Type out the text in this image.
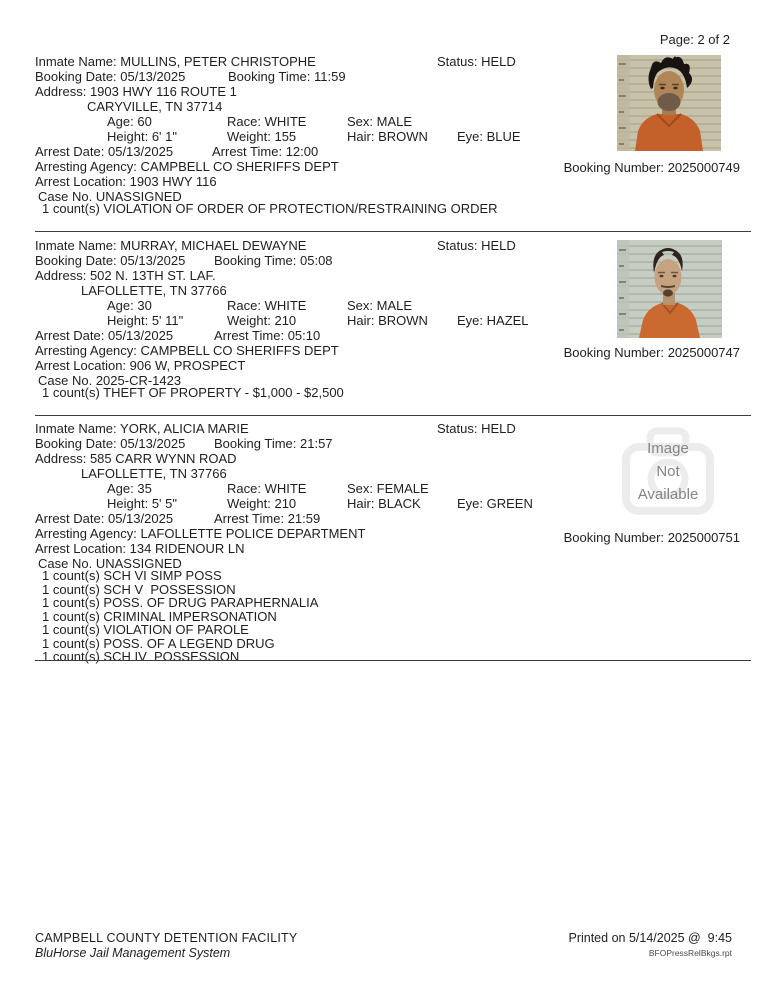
Page: 2 of 2
Inmate Name: MULLINS, PETER CHRISTOPHE	Status: HELD
Booking Date: 05/13/2025	Booking Time: 11:59
Address: 1903 HWY 116 ROUTE 1
CARYVILLE, TN 37714
Age: 60	Race: WHITE	Sex: MALE
Height: 6' 1"	Weight: 155	Hair: BROWN Eye: BLUE
Arrest Date: 05/13/2025	Arrest Time: 12:00
Arresting Agency: CAMPBELL CO SHERIFFS DEPT
Arrest Location: 1903 HWY 116
Case No. UNASSIGNED
1 count(s) VIOLATION OF ORDER OF PROTECTION/RESTRAINING ORDER
Booking Number: 2025000749
Inmate Name: MURRAY, MICHAEL DEWAYNE	Status: HELD
Booking Date: 05/13/2025 Booking Time: 05:08
Address: 502 N. 13TH ST. LAF.
LAFOLLETTE, TN 37766
Age: 30	Race: WHITE	Sex: MALE
Height: 5' 11"	Weight: 210	Hair: BROWN Eye: HAZEL
Arrest Date: 05/13/2025	Arrest Time: 05:10
Arresting Agency: CAMPBELL CO SHERIFFS DEPT
Arrest Location: 906 W, PROSPECT
Case No. 2025-CR-1423
1 count(s) THEFT OF PROPERTY - $1,000 - $2,500
Booking Number: 2025000747
Inmate Name: YORK, ALICIA MARIE	Status: HELD
Booking Date: 05/13/2025 Booking Time: 21:57
Address: 585 CARR WYNN ROAD
LAFOLLETTE, TN 37766
Age: 35	Race: WHITE	Sex: FEMALE
Height: 5' 5"	Weight: 210	Hair: BLACK	Eye: GREEN
Arrest Date: 05/13/2025	Arrest Time: 21:59
Arresting Agency: LAFOLLETTE POLICE DEPARTMENT
Arrest Location: 134 RIDENOUR LN
Case No. UNASSIGNED
1 count(s) SCH VI SIMP POSS
1 count(s) SCH V  POSSESSION
1 count(s) POSS. OF DRUG PARAPHERNALIA
1 count(s) CRIMINAL IMPERSONATION
1 count(s) VIOLATION OF PAROLE
1 count(s) POSS. OF A LEGEND DRUG
1 count(s) SCH IV  POSSESSION
Image
Not
Available
Booking Number: 2025000751
CAMPBELL COUNTY DETENTION FACILITY
BluHorse Jail Management System
Printed on 5/14/2025 @  9:45
BFOPressRelBkgs.rpt
